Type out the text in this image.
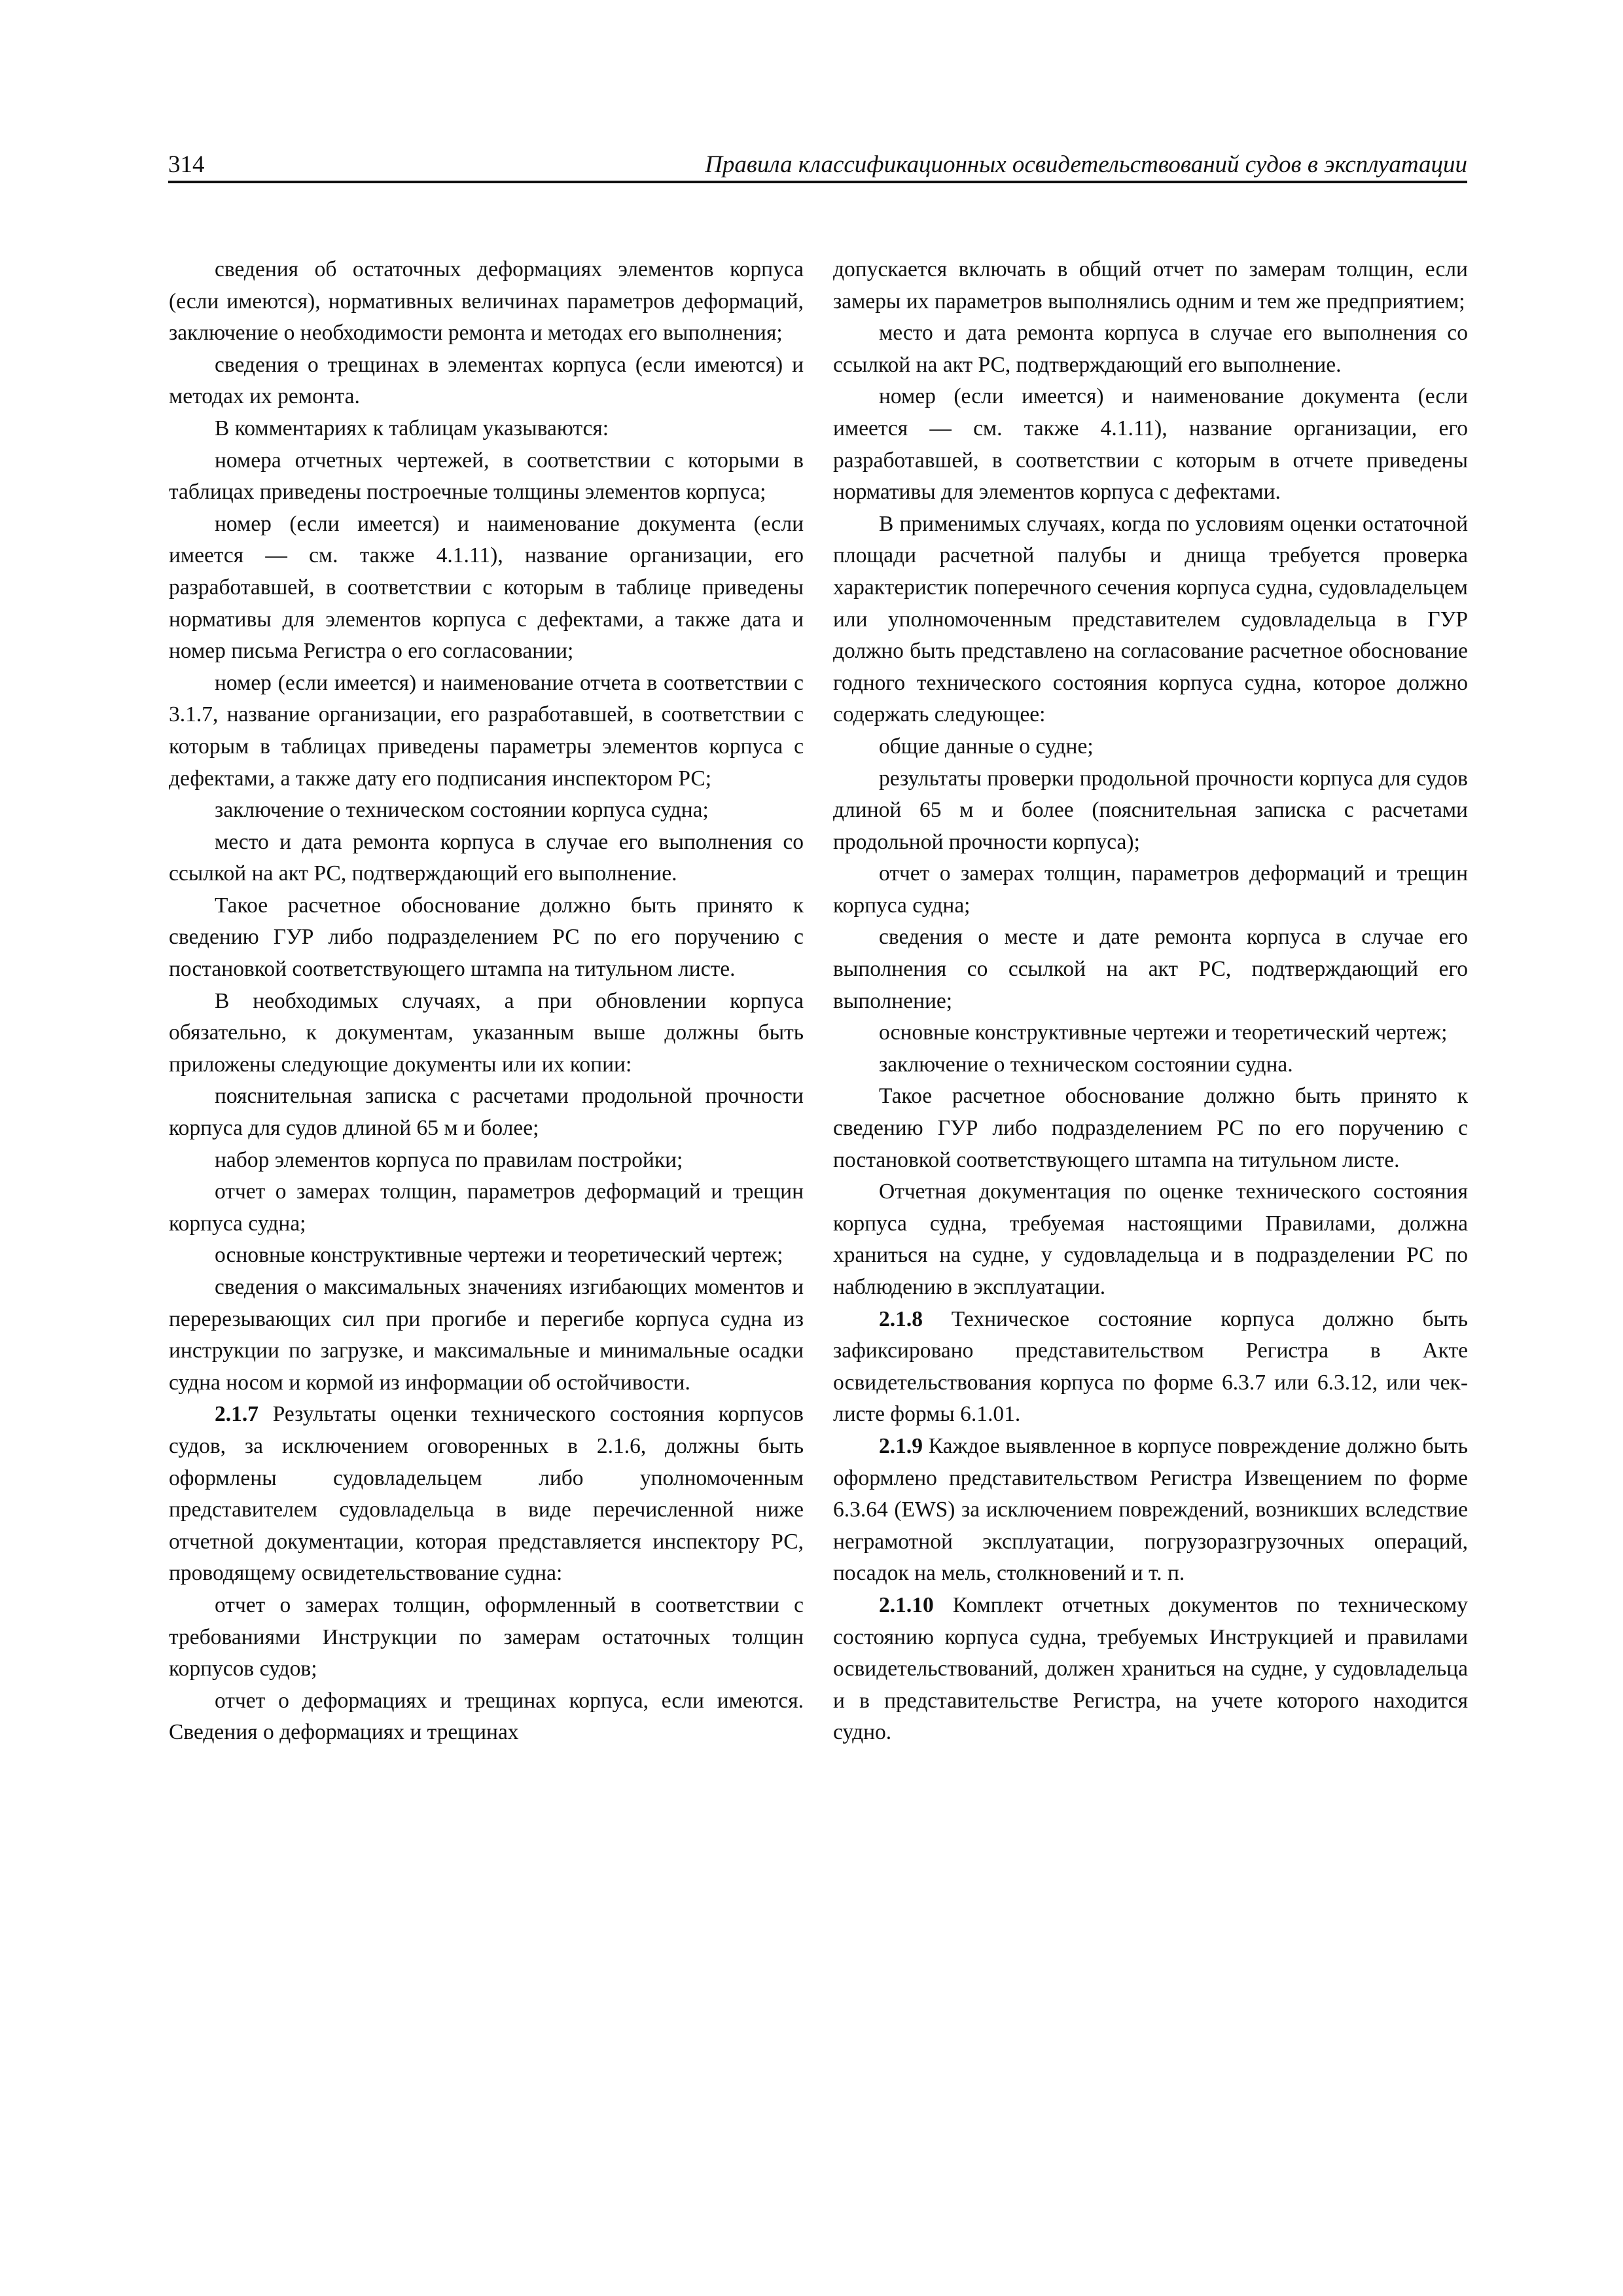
314	Правила классификационных освидетельствований судов в эксплуатации

сведения об остаточных деформациях элементов корпуса (если имеются), нормативных величинах параметров деформаций, заключение о необходимости ремонта и методах его выполнения;

сведения о трещинах в элементах корпуса (если имеются) и методах их ремонта.

В комментариях к таблицам указываются:

номера отчетных чертежей, в соответствии с которыми в таблицах приведены построечные толщины элементов корпуса;

номер (если имеется) и наименование документа (если имеется — см. также 4.1.11), название организации, его разработавшей, в соответствии с которым в таблице приведены нормативы для элементов корпуса с дефектами, а также дата и номер письма Регистра о его согласовании;

номер (если имеется) и наименование отчета в соответствии с 3.1.7, название организации, его разработавшей, в соответствии с которым в таблицах приведены параметры элементов корпуса с дефектами, а также дату его подписания инспектором РС;

заключение о техническом состоянии корпуса судна;

место и дата ремонта корпуса в случае его выполнения со ссылкой на акт РС, подтверждающий его выполнение.

Такое расчетное обоснование должно быть принято к сведению ГУР либо подразделением РС по его поручению с постановкой соответствующего штампа на титульном листе.

В необходимых случаях, а при обновлении корпуса обязательно, к документам, указанным выше должны быть приложены следующие документы или их копии:

пояснительная записка с расчетами продольной прочности корпуса для судов длиной 65 м и более;

набор элементов корпуса по правилам постройки;

отчет о замерах толщин, параметров деформаций и трещин корпуса судна;

основные конструктивные чертежи и теоретический чертеж;

сведения о максимальных значениях изгибающих моментов и перерезывающих сил при прогибе и перегибе корпуса судна из инструкции по загрузке, и максимальные и минимальные осадки судна носом и кормой из информации об остойчивости.

2.1.7 Результаты оценки технического состояния корпусов судов, за исключением оговоренных в 2.1.6, должны быть оформлены судовладельцем либо уполномоченным представителем судовладельца в виде перечисленной ниже отчетной документации, которая представляется инспектору РС, проводящему освидетельствование судна:

отчет о замерах толщин, оформленный в соответствии с требованиями Инструкции по замерам остаточных толщин корпусов судов;

отчет о деформациях и трещинах корпуса, если имеются. Сведения о деформациях и трещинах

допускается включать в общий отчет по замерам толщин, если замеры их параметров выполнялись одним и тем же предприятием;

место и дата ремонта корпуса в случае его выполнения со ссылкой на акт РС, подтверждающий его выполнение.

номер (если имеется) и наименование документа (если имеется — см. также 4.1.11), название организации, его разработавшей, в соответствии с которым в отчете приведены нормативы для элементов корпуса с дефектами.

В применимых случаях, когда по условиям оценки остаточной площади расчетной палубы и днища требуется проверка характеристик поперечного сечения корпуса судна, судовладельцем или уполномоченным представителем судовладельца в ГУР должно быть представлено на согласование расчетное обоснование годного технического состояния корпуса судна, которое должно содержать следующее:

общие данные о судне;

результаты проверки продольной прочности корпуса для судов длиной 65 м и более (пояснительная записка с расчетами продольной прочности корпуса);

отчет о замерах толщин, параметров деформаций и трещин корпуса судна;

сведения о месте и дате ремонта корпуса в случае его выполнения со ссылкой на акт РС, подтверждающий его выполнение;

основные конструктивные чертежи и теоретический чертеж;

заключение о техническом состоянии судна.

Такое расчетное обоснование должно быть принято к сведению ГУР либо подразделением РС по его поручению с постановкой соответствующего штампа на титульном листе.

Отчетная документация по оценке технического состояния корпуса судна, требуемая настоящими Правилами, должна храниться на судне, у судовладельца и в подразделении РС по наблюдению в эксплуатации.

2.1.8 Техническое состояние корпуса должно быть зафиксировано представительством Регистра в Акте освидетельствования корпуса по форме 6.3.7 или 6.3.12, или чек-листе формы 6.1.01.

2.1.9 Каждое выявленное в корпусе повреждение должно быть оформлено представительством Регистра Извещением по форме 6.3.64 (EWS) за исключением повреждений, возникших вследствие неграмотной эксплуатации, погрузоразгрузочных операций, посадок на мель, столкновений и т. п.

2.1.10 Комплект отчетных документов по техническому состоянию корпуса судна, требуемых Инструкцией и правилами освидетельствований, должен храниться на судне, у судовладельца и в представительстве Регистра, на учете которого находится судно.
